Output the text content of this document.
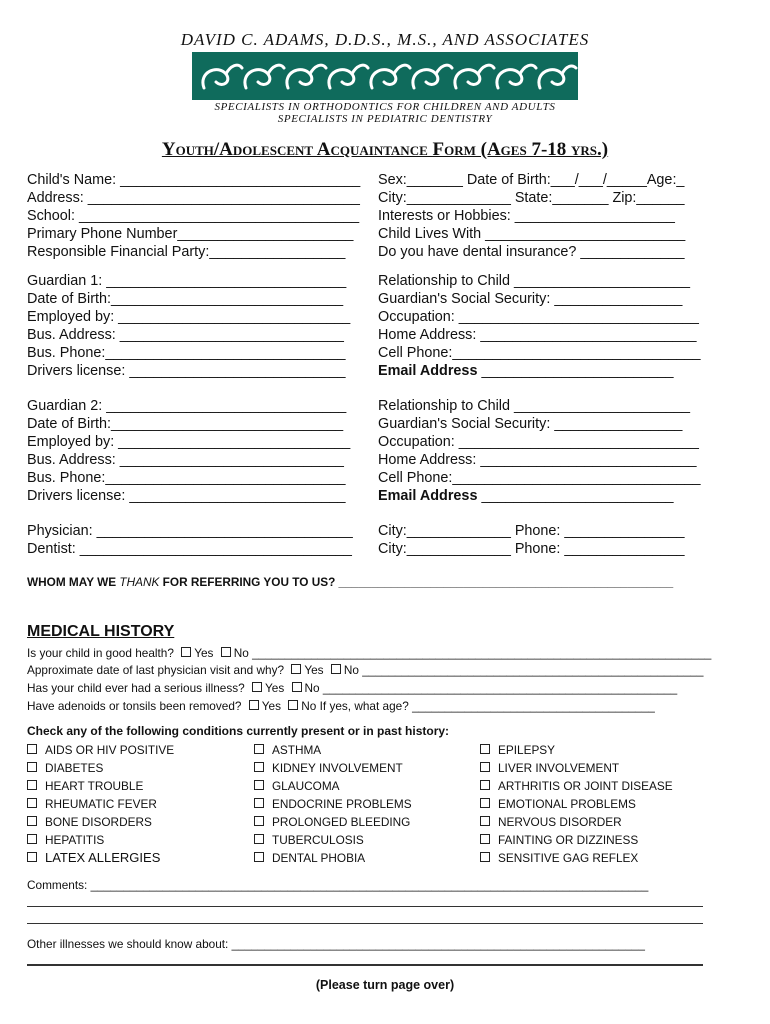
DAVID C. ADAMS, D.D.S., M.S., AND ASSOCIATES
SPECIALISTS IN ORTHODONTICS FOR CHILDREN AND ADULTS
SPECIALISTS IN PEDIATRIC DENTISTRY
Youth/Adolescent Acquaintance Form (Ages 7-18 yrs.)
Child's Name: ______________________________
Address: __________________________________
School: ___________________________________
Primary Phone Number______________________
Responsible Financial Party:_________________
Sex:_______ Date of Birth:___/___/_____Age:_
City:_____________ State:_______ Zip:______
Interests or Hobbies: ____________________
Child Lives With _________________________
Do you have dental insurance? _____________
Guardian 1: ______________________________
Date of Birth:_____________________________
Employed by: _____________________________
Bus. Address: ____________________________
Bus. Phone:______________________________
Drivers license: ___________________________
Relationship to Child ______________________
Guardian's Social Security: ________________
Occupation: ______________________________
Home Address: ___________________________
Cell Phone:_______________________________
Email Address ________________________
Guardian 2: ______________________________
Date of Birth:_____________________________
Employed by: _____________________________
Bus. Address: ____________________________
Bus. Phone:______________________________
Drivers license: ___________________________
Relationship to Child ______________________
Guardian's Social Security: ________________
Occupation: ______________________________
Home Address: ___________________________
Cell Phone:_______________________________
Email Address ________________________
Physician: ________________________________
Dentist: __________________________________
City:_____________ Phone: _______________
City:_____________ Phone: _______________
WHOM MAY WE THANK FOR REFERRING YOU TO US? ___________________________________________________
MEDICAL HISTORY
Is your child in good health? Yes No ______________________________________________________________________
Approximate date of last physician visit and why? Yes No ____________________________________________________
Has your child ever had a serious illness? Yes No ______________________________________________________
Have adenoids or tonsils been removed? Yes No If yes, what age? _____________________________________
Check any of the following conditions currently present or in past history:
AIDS OR HIV POSITIVE
DIABETES
HEART TROUBLE
RHEUMATIC FEVER
BONE DISORDERS
HEPATITIS
LATEX ALLERGIES
ASTHMA
KIDNEY INVOLVEMENT
GLAUCOMA
ENDOCRINE PROBLEMS
PROLONGED BLEEDING
TUBERCULOSIS
DENTAL PHOBIA
EPILEPSY
LIVER INVOLVEMENT
ARTHRITIS OR JOINT DISEASE
EMOTIONAL PROBLEMS
NERVOUS DISORDER
FAINTING OR DIZZINESS
SENSITIVE GAG REFLEX
Comments: _____________________________________________________________________________________
Other illnesses we should know about: _______________________________________________________________
(Please turn page over)
